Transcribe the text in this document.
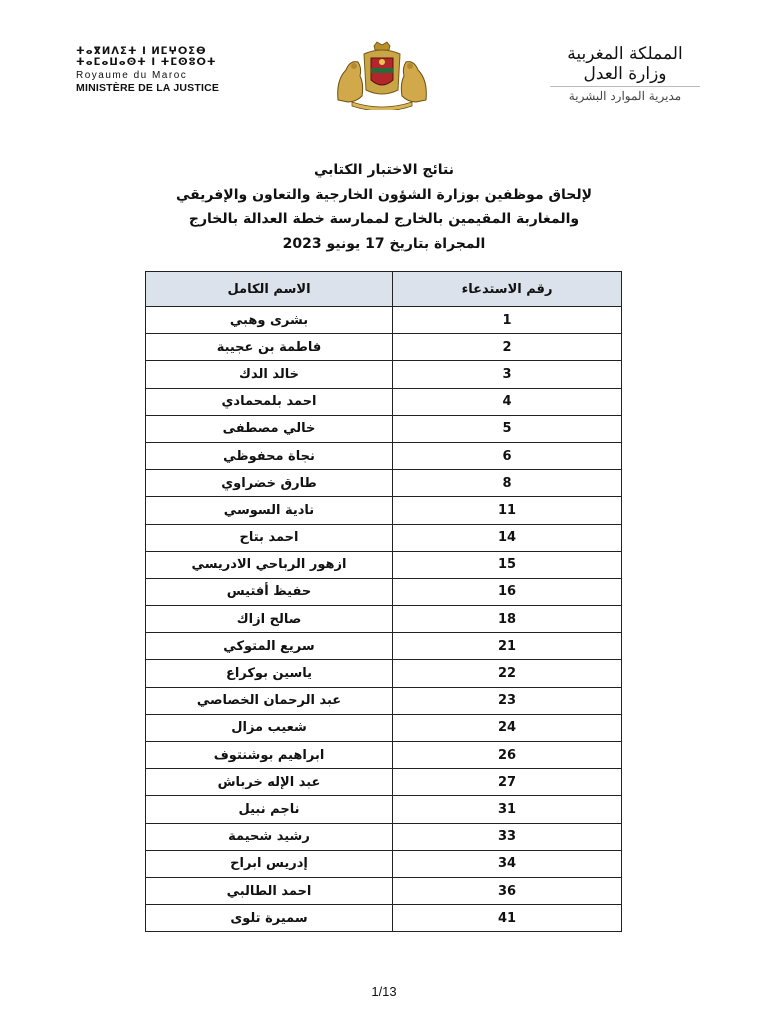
ⵜⴰⴳⵍⴷⵉⵜ ⵏ ⵍⵎⵖⵔⵉⴱ
ⵜⴰⵎⴰⵡⴰⵙⵜ ⵏ ⵜⵎⵙⵓⵔⵜ
Royaume du Maroc
MINISTÈRE DE LA JUSTICE
المملكة المغربية
وزارة العدل
مديرية الموارد البشرية
نتائج الاختبار الكتابي
لإلحاق موظفين بوزارة الشؤون الخارجية والتعاون والإفريقي
والمغاربة المقيمين بالخارج لممارسة خطة العدالة بالخارج
المجراة بتاريخ 17 يونيو 2023
رقم الاستدعاء	الاسم الكامل
1	بشرى وهبي
2	فاطمة بن عجيبة
3	خالد الدك
4	احمد بلمحمادي
5	خالي مصطفى
6	نجاة محفوظي
8	طارق خضراوي
11	نادية السوسي
14	احمد بتاح
15	ازهور الرباحي الادريسي
16	حفيظ أفتيس
18	صالح ازاك
21	سريع المتوكي
22	ياسين بوكراع
23	عبد الرحمان الخصاصي
24	شعيب مزال
26	ابراهيم بوشنتوف
27	عبد الإله خرباش
31	ناجم نبيل
33	رشيد شحيمة
34	إدريس ابراح
36	احمد الطالبي
41	سميرة تلوى
1/13
